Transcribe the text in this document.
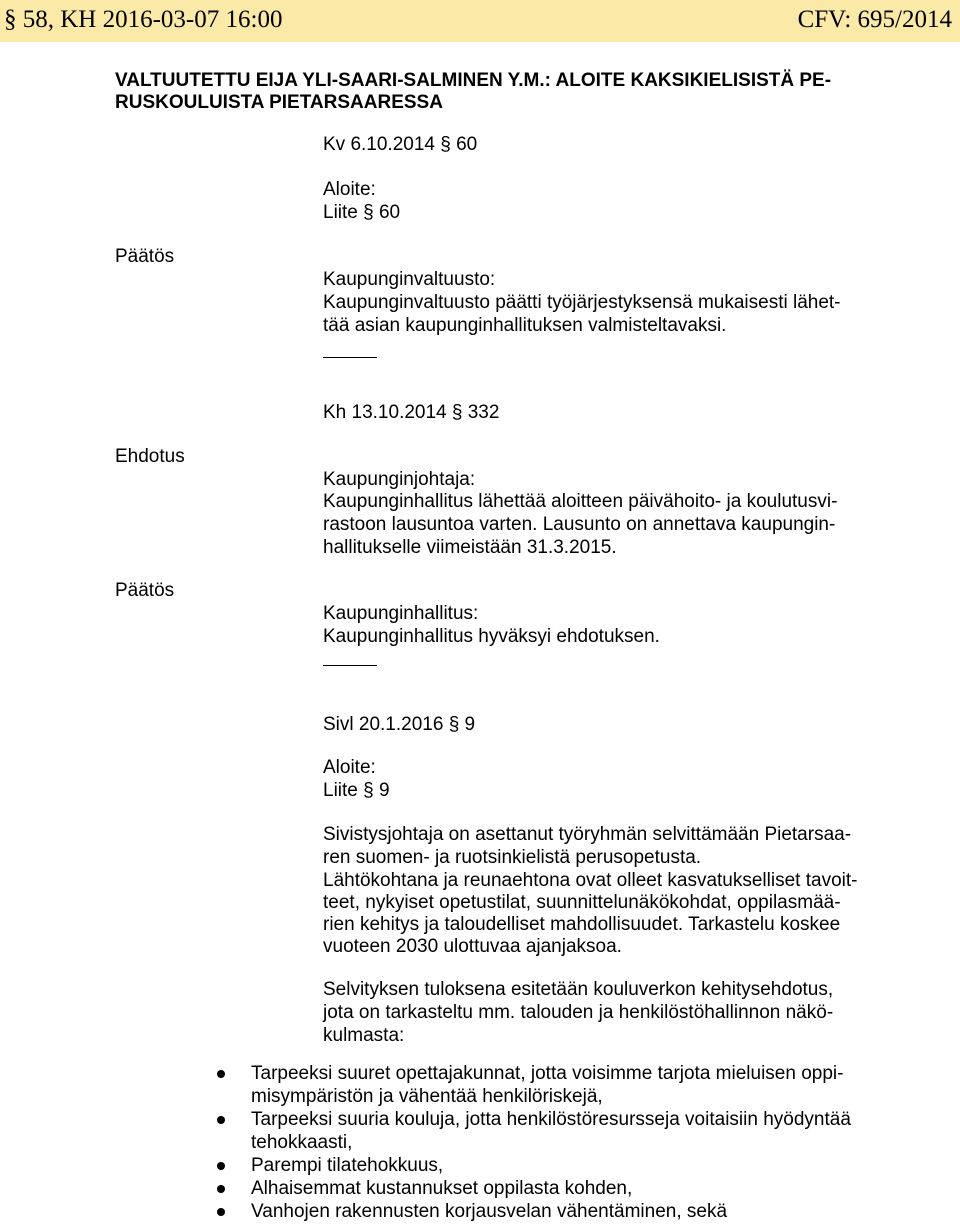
§ 58, KH 2016-03-07 16:00	CFV: 695/2014
VALTUUTETTU EIJA YLI-SAARI-SALMINEN Y.M.: ALOITE KAKSIKIELISISTÄ PE-
RUSKOULUISTA PIETARSAARESSA
Kv 6.10.2014 § 60
Aloite:
Liite § 60
Päätös
Kaupunginvaltuusto:
Kaupunginvaltuusto päätti työjärjestyksensä mukaisesti lähet-
tää asian kaupunginhallituksen valmisteltavaksi.
Kh 13.10.2014 § 332
Ehdotus
Kaupunginjohtaja:
Kaupunginhallitus lähettää aloitteen päivähoito- ja koulutusvi-
rastoon lausuntoa varten. Lausunto on annettava kaupungin-
hallitukselle viimeistään 31.3.2015.
Päätös
Kaupunginhallitus:
Kaupunginhallitus hyväksyi ehdotuksen.
Sivl 20.1.2016 § 9
Aloite:
Liite § 9
Sivistysjohtaja on asettanut työryhmän selvittämään Pietarsaa-
ren suomen- ja ruotsinkielistä perusopetusta.
Lähtökohtana ja reunaehtona ovat olleet kasvatukselliset tavoit-
teet, nykyiset opetustilat, suunnittelunäkökohdat, oppilasmää-
rien kehitys ja taloudelliset mahdollisuudet. Tarkastelu koskee
vuoteen 2030 ulottuvaa ajanjaksoa.
Selvityksen tuloksena esitetään kouluverkon kehitysehdotus,
jota on tarkasteltu mm. talouden ja henkilöstöhallinnon näkö-
kulmasta:
Tarpeeksi suuret opettajakunnat, jotta voisimme tarjota mieluisen oppi-
misympäristön ja vähentää henkilöriskejä,
Tarpeeksi suuria kouluja, jotta henkilöstöresursseja voitaisiin hyödyntää
tehokkaasti,
Parempi tilatehokkuus,
Alhaisemmat kustannukset oppilasta kohden,
Vanhojen rakennusten korjausvelan vähentäminen, sekä
